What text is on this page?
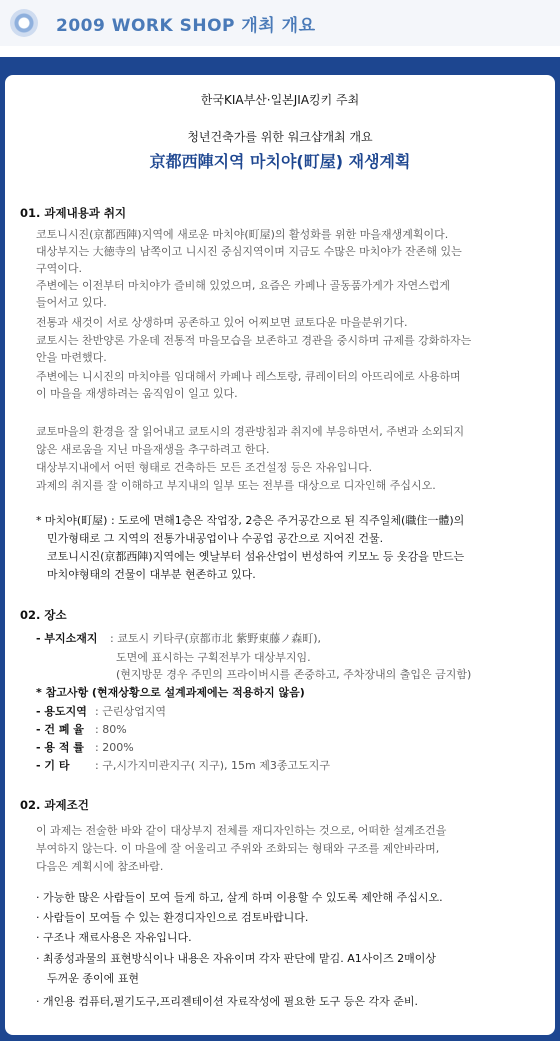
2009 WORK SHOP 개최 개요
한국KIA부산·일본JIA킹키 주최
청년건축가를 위한 워크샵개최 개요
京都西陣지역 마치야(町屋) 재생계획
01. 과제내용과 취지
코토니시진(京都西陣)지역에 새로운 마치야(町屋)의 활성화를 위한 마을재생계획이다.
대상부지는 大徳寺의 남쪽이고 니시진 중심지역이며 지금도 수많은 마치야가 잔존해 있는
구역이다.
주변에는 이전부터 마치야가 즐비해 있었으며, 요즘은 카페나 골동품가게가 자연스럽게
들어서고 있다.
전통과 새것이 서로 상생하며 공존하고 있어 어찌보면 쿄토다운 마을분위기다.
쿄토시는 찬반양론 가운데 전통적 마을모습을 보존하고 경관을 중시하며 규제를 강화하자는
안을 마련했다.
주변에는 니시진의 마치야를 임대해서 카페나 레스토랑, 큐레이터의 아뜨리에로 사용하며
이 마을을 재생하려는 움직임이 일고 있다.
쿄토마을의 환경을 잘 읽어내고 쿄토시의 경관방침과 취지에 부응하면서, 주변과 소외되지
않은 새로움을 지닌 마을재생을 추구하려고 한다.
대상부지내에서 어떤 형태로 건축하든 모든 조건설정 등은 자유입니다.
과제의 취지를 잘 이해하고 부지내의 일부 또는 전부를 대상으로 디자인해 주십시오.
* 마치야(町屋) : 도로에 면해1층은 작업장, 2층은 주거공간으로 된 직주일체(職住一體)의
민가형태로 그 지역의 전통가내공업이나 수공업 공간으로 지어진 건물.
코토니시진(京都西陣)지역에는 옛날부터 섬유산업이 번성하여 키모노 등 옷감을 만드는
마치야형태의 건물이 대부분 현존하고 있다.
02. 장소
- 부지소재지 : 쿄토시 키타쿠(京都市北 紫野東藤ノ森町),
도면에 표시하는 구획전부가 대상부지임.
(현지방문 경우 주민의 프라이버시를 존중하고, 주차장내의 출입은 금지함)
* 참고사항 (현재상황으로 설계과제에는 적용하지 않음)
- 용도지역 : 근린상업지역
- 건 폐 율 : 80%
- 용 적 률 : 200%
- 기 타 : 구,시가지미관지구( 지구), 15m 제3종고도지구
02. 과제조건
이 과제는 전술한 바와 같이 대상부지 전체를 재디자인하는 것으로, 어떠한 설계조건을
부여하지 않는다. 이 마을에 잘 어울리고 주위와 조화되는 형태와 구조를 제안바라며,
다음은 계획시에 참조바람.
· 가능한 많은 사람들이 모여 들게 하고, 살게 하며 이용할 수 있도록 제안해 주십시오.
· 사람들이 모여들 수 있는 환경디자인으로 검토바랍니다.
· 구조나 재료사용은 자유입니다.
· 최종성과물의 표현방식이나 내용은 자유이며 각자 판단에 맡김. A1사이즈 2매이상
두꺼운 종이에 표현
· 개인용 컴퓨터,필기도구,프리젠테이션 자료작성에 필요한 도구 등은 각자 준비.
